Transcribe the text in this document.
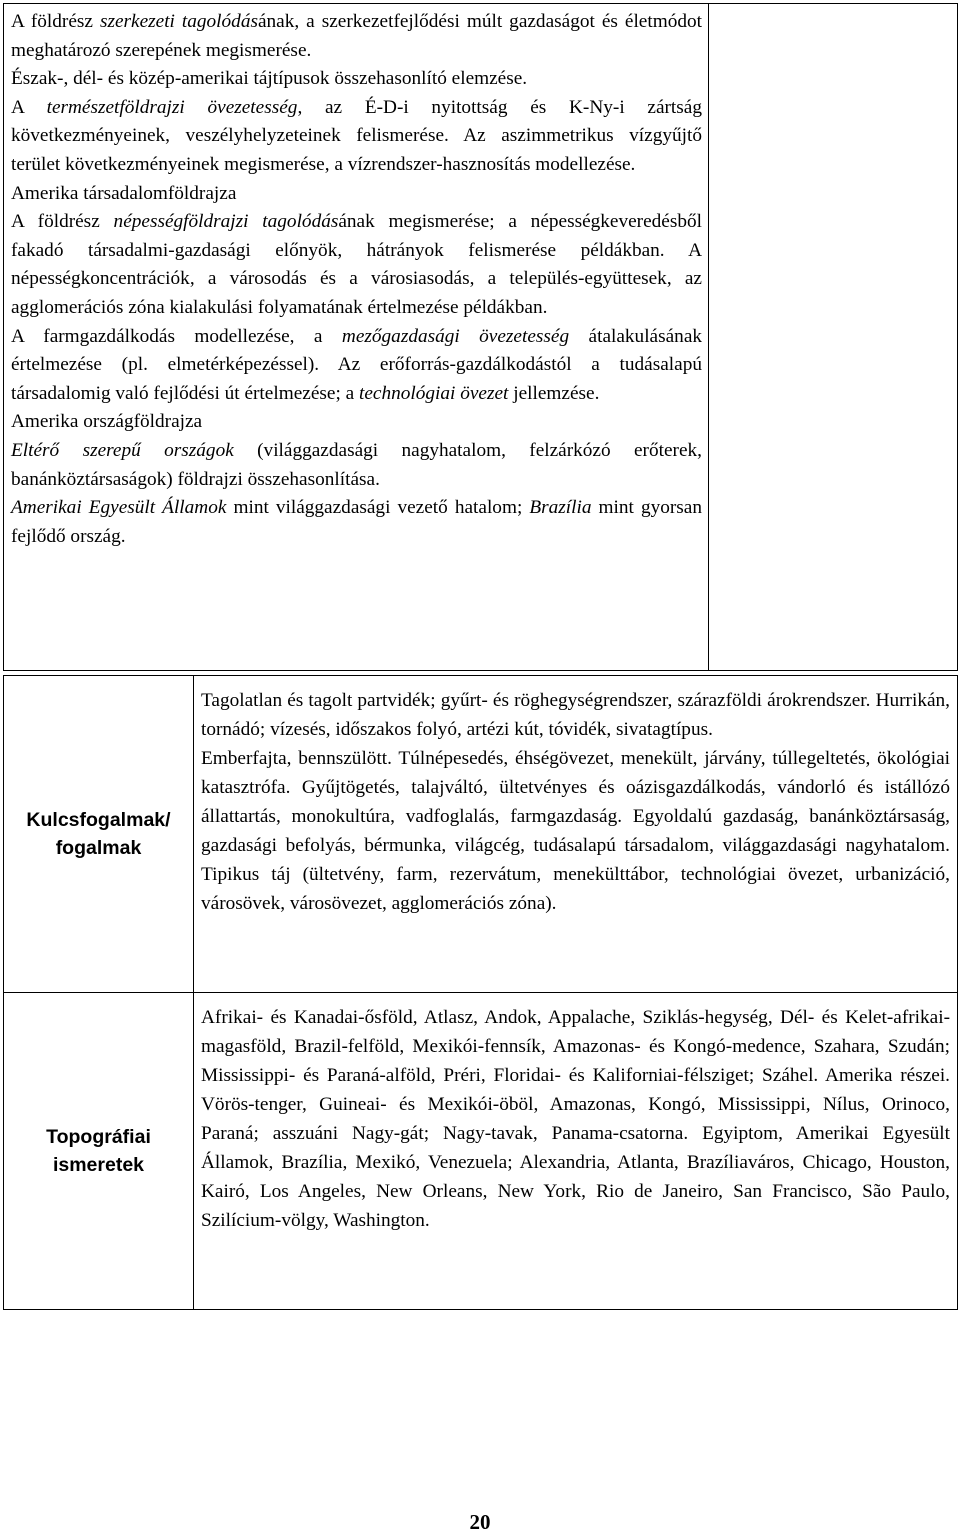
A földrész szerkezeti tagolódásának, a szerkezetfejlődési múlt gazdaságot és életmódot meghatározó szerepének megismerése.

Észak-, dél- és közép-amerikai tájtípusok összehasonlító elemzése.

A természetföldrajzi övezetesség, az É-D-i nyitottság és K-Ny-i zártság következményeinek, veszélyhelyzeteinek felismerése. Az aszimmetrikus vízgyűjtő terület következményeinek megismerése, a vízrendszer-hasznosítás modellezése.

Amerika társadalomföldrajza

A földrész népességföldrajzi tagolódásának megismerése; a népességkeveredésből fakadó társadalmi-gazdasági előnyök, hátrányok felismerése példákban. A népességkoncentrációk, a városodás és a városiasodás, a település-együttesek, az agglomerációs zóna kialakulási folyamatának értelmezése példákban.

A farmgazdálkodás modellezése, a mezőgazdasági övezetesség átalakulásának értelmezése (pl. elmetérképezéssel). Az erőforrás-gazdálkodástól a tudásalapú társadalomig való fejlődési út értelmezése; a technológiai övezet jellemzése.

Amerika országföldrajza

Eltérő szerepű országok (világgazdasági nagyhatalom, felzárkózó erőterek, banánköztársaságok) földrajzi összehasonlítása.

Amerikai Egyesült Államok mint világgazdasági vezető hatalom; Brazília mint gyorsan fejlődő ország.

Kulcsfogalmak/ fogalmak

Tagolatlan és tagolt partvidék; gyűrt- és röghegységrendszer, szárazföldi árokrendszer. Hurrikán, tornádó; vízesés, időszakos folyó, artézi kút, tóvidék, sivatagtípus.

Emberfajta, bennszülött. Túlnépesedés, éhségövezet, menekült, járvány, túllegeltetés, ökológiai katasztrófa. Gyűjtögetés, talajváltó, ültetvényes és oázisgazdálkodás, vándorló és istállózó állattartás, monokultúra, vadfoglalás, farmgazdaság. Egyoldalú gazdaság, banánköztársaság, gazdasági befolyás, bérmunka, világcég, tudásalapú társadalom, világgazdasági nagyhatalom. Tipikus táj (ültetvény, farm, rezervátum, menekülttábor, technológiai övezet, urbanizáció, városövek, városövezet, agglomerációs zóna).

Topográfiai ismeretek

Afrikai- és Kanadai-ősföld, Atlasz, Andok, Appalache, Sziklás-hegység, Dél- és Kelet-afrikai- magasföld, Brazil-felföld, Mexikói-fennsík, Amazonas- és Kongó-medence, Szahara, Szudán; Mississippi- és Paraná-alföld, Préri, Floridai- és Kaliforniai-félsziget; Száhel. Amerika részei. Vörös-tenger, Guineai- és Mexikói-öböl, Amazonas, Kongó, Mississippi, Nílus, Orinoco, Paraná; asszuáni Nagy-gát; Nagy-tavak, Panama-csatorna. Egyiptom, Amerikai Egyesült Államok, Brazília, Mexikó, Venezuela; Alexandria, Atlanta, Brazíliaváros, Chicago, Houston, Kairó, Los Angeles, New Orleans, New York, Rio de Janeiro, San Francisco, São Paulo, Szilícium-völgy, Washington.

20
